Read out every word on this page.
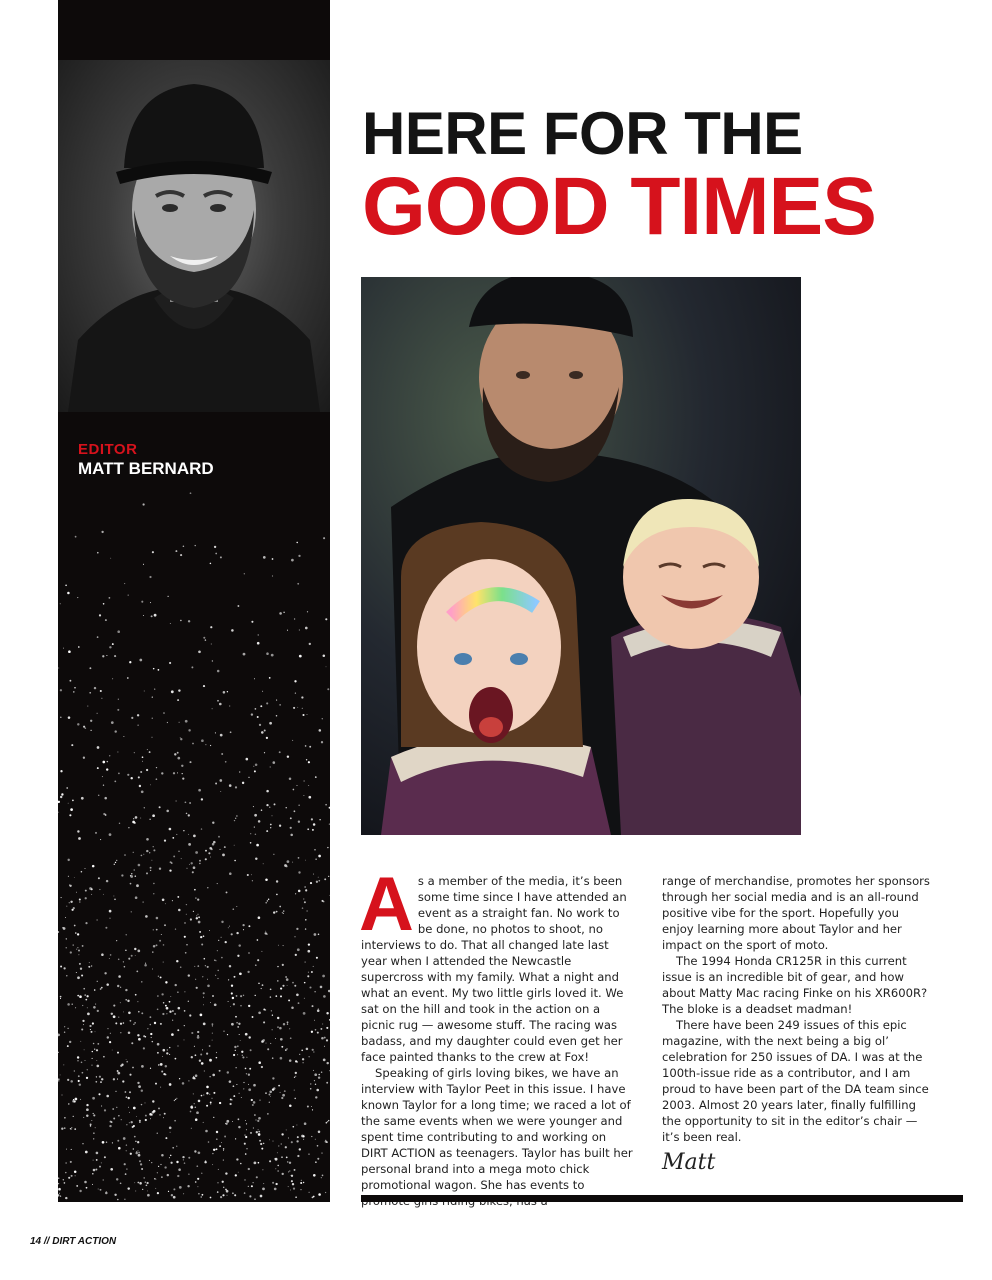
EDITOR
MATT BERNARD
HERE FOR THE
GOOD TIMES
A s a member of the media, it’s been some time since I have attended an event as a straight fan. No work to be done, no photos to shoot, no interviews to do. That all changed late last year when I attended the Newcastle supercross with my family. What a night and what an event. My two little girls loved it. We sat on the hill and took in the action on a picnic rug — awesome stuff. The racing was badass, and my daughter could even get her face painted thanks to the crew at Fox!

Speaking of girls loving bikes, we have an interview with Taylor Peet in this issue. I have known Taylor for a long time; we raced a lot of the same events when we were younger and spent time contributing to and working on DIRT ACTION as teenagers. Taylor has built her personal brand into a mega moto chick promotional wagon. She has events to

range of merchandise, promotes her sponsors through her social media and is an all-round positive vibe for the sport. Hopefully you enjoy learning more about Taylor and her impact on the sport of moto.

The 1994 Honda CR125R in this current issue is an incredible bit of gear, and how about Matty Mac racing Finke on his XR600R? The bloke is a deadset madman!

There have been 249 issues of this epic magazine, with the next being a big ol’ celebration for 250 issues of DA. I was at the 100th-issue ride as a contributor, and I am proud to have been part of the DA team since 2003. Almost 20 years later, finally fulfilling the opportunity to sit in the editor’s chair — it’s been real.

Matt
14 // DIRT ACTION
